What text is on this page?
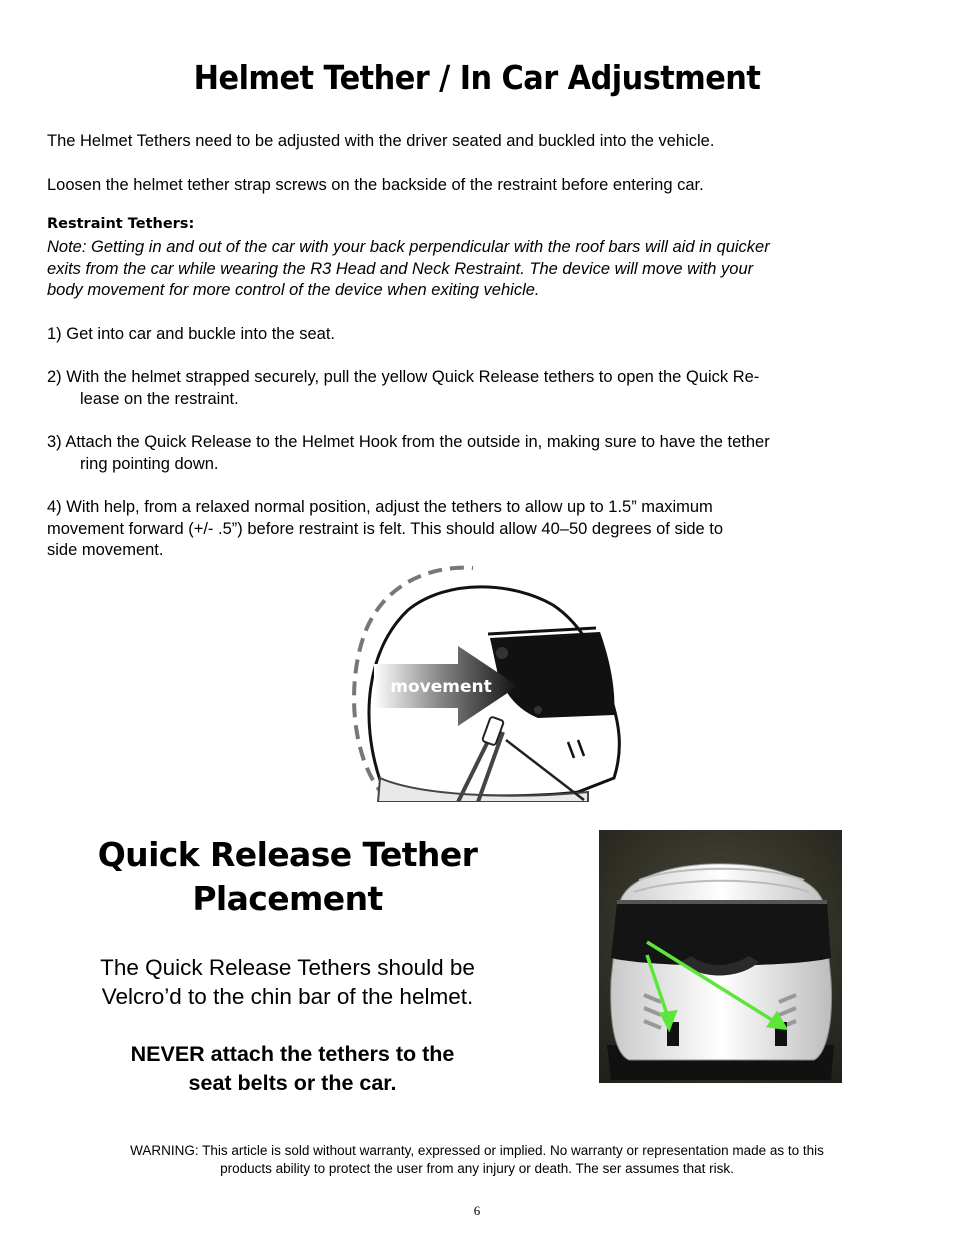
Helmet Tether / In Car Adjustment
The Helmet Tethers need to be adjusted with the driver seated and buckled into the vehicle.
Loosen the helmet tether strap screws on the backside of the restraint before entering car.
Restraint Tethers:
Note: Getting in and out of the car with your back perpendicular with the roof bars will aid in quicker
exits from the car while wearing the R3 Head and Neck Restraint. The device will move with your
body movement for more control of the device when exiting vehicle.
1) Get into car and buckle into the seat.
2) With the helmet strapped securely, pull the yellow Quick Release tethers to open the Quick Re-
lease on the restraint.
3) Attach the Quick Release to the Helmet Hook from the outside in, making sure to have the tether
ring pointing down.
4) With help, from a relaxed normal position, adjust the tethers to allow up to 1.5” maximum
movement forward (+/- .5”) before restraint is felt. This should allow 40–50 degrees of side to
side movement.
movement
Quick Release Tether
Placement
The Quick Release Tethers should be
Velcro’d to the chin bar of the helmet.
NEVER attach the tethers to the
seat belts or the car.
WARNING: This article is sold without warranty, expressed or implied. No warranty or representation made as to this
products ability to protect the user from any injury or death. The ser assumes that risk.
6
